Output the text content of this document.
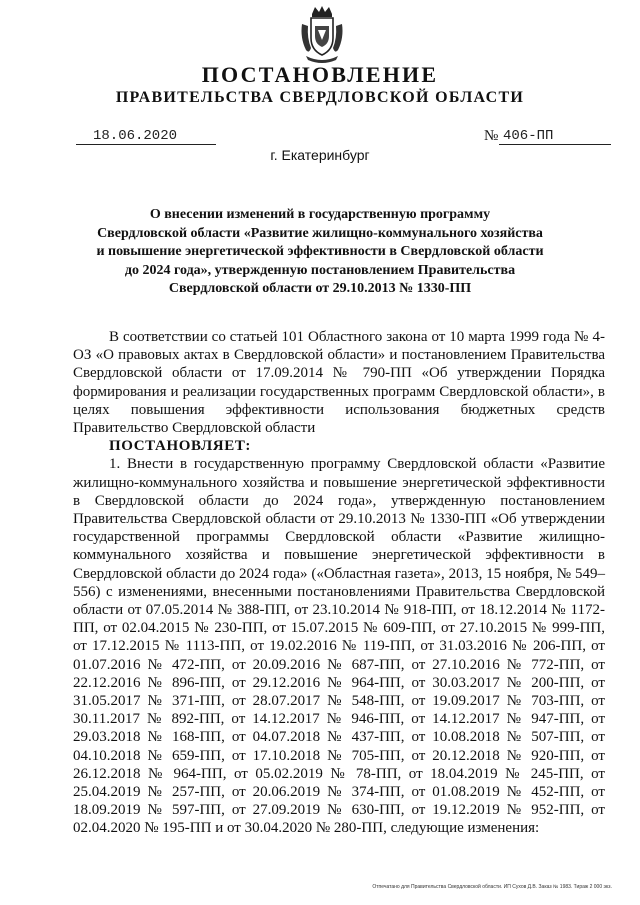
ПОСТАНОВЛЕНИЕ
ПРАВИТЕЛЬСТВА СВЕРДЛОВСКОЙ ОБЛАСТИ
18.06.2020	№ 406-ПП
г. Екатеринбург
О внесении изменений в государственную программу
Свердловской области «Развитие жилищно-коммунального хозяйства
и повышение энергетической эффективности в Свердловской области
до 2024 года», утвержденную постановлением Правительства
Свердловской области от 29.10.2013 № 1330-ПП

В соответствии со статьей 101 Областного закона от 10 марта 1999 года № 4-ОЗ «О правовых актах в Свердловской области» и постановлением Правительства Свердловской области от 17.09.2014 № 790-ПП «Об утверждении Порядка формирования и реализации государственных программ Свердловской области», в целях повышения эффективности использования бюджетных средств Правительство Свердловской области

ПОСТАНОВЛЯЕТ:

1. Внести в государственную программу Свердловской области «Развитие жилищно-коммунального хозяйства и повышение энергетической эффективности в Свердловской области до 2024 года», утвержденную постановлением Правительства Свердловской области от 29.10.2013 № 1330-ПП «Об утверждении государственной программы Свердловской области «Развитие жилищно-коммунального хозяйства и повышение энергетической эффективности в Свердловской области до 2024 года» («Областная газета», 2013, 15 ноября, № 549–556) с изменениями, внесенными постановлениями Правительства Свердловской области от 07.05.2014 № 388-ПП, от 23.10.2014 № 918-ПП, от 18.12.2014 № 1172-ПП, от 02.04.2015 № 230-ПП, от 15.07.2015 № 609-ПП, от 27.10.2015 № 999-ПП, от 17.12.2015 № 1113-ПП, от 19.02.2016 № 119-ПП, от 31.03.2016 № 206-ПП, от 01.07.2016 № 472-ПП, от 20.09.2016 № 687-ПП, от 27.10.2016 № 772-ПП, от 22.12.2016 № 896-ПП, от 29.12.2016 № 964-ПП, от 30.03.2017 № 200-ПП, от 31.05.2017 № 371-ПП, от 28.07.2017 № 548-ПП, от 19.09.2017 № 703-ПП, от 30.11.2017 № 892-ПП, от 14.12.2017 № 946-ПП, от 14.12.2017 № 947-ПП, от 29.03.2018 № 168-ПП, от 04.07.2018 № 437-ПП, от 10.08.2018 № 507-ПП, от 04.10.2018 № 659-ПП, от 17.10.2018 № 705-ПП, от 20.12.2018 № 920-ПП, от 26.12.2018 № 964-ПП, от 05.02.2019 № 78-ПП, от 18.04.2019 № 245-ПП, от 25.04.2019 № 257-ПП, от 20.06.2019 № 374-ПП, от 01.08.2019 № 452-ПП, от 18.09.2019 № 597-ПП, от 27.09.2019 № 630-ПП, от 19.12.2019 № 952-ПП, от 02.04.2020 № 195-ПП и от 30.04.2020 № 280-ПП, следующие изменения:

Отпечатано для Правительства Свердловской области. ИП Сухов Д.В. Заказ № 1983. Тираж 2 000 экз.
